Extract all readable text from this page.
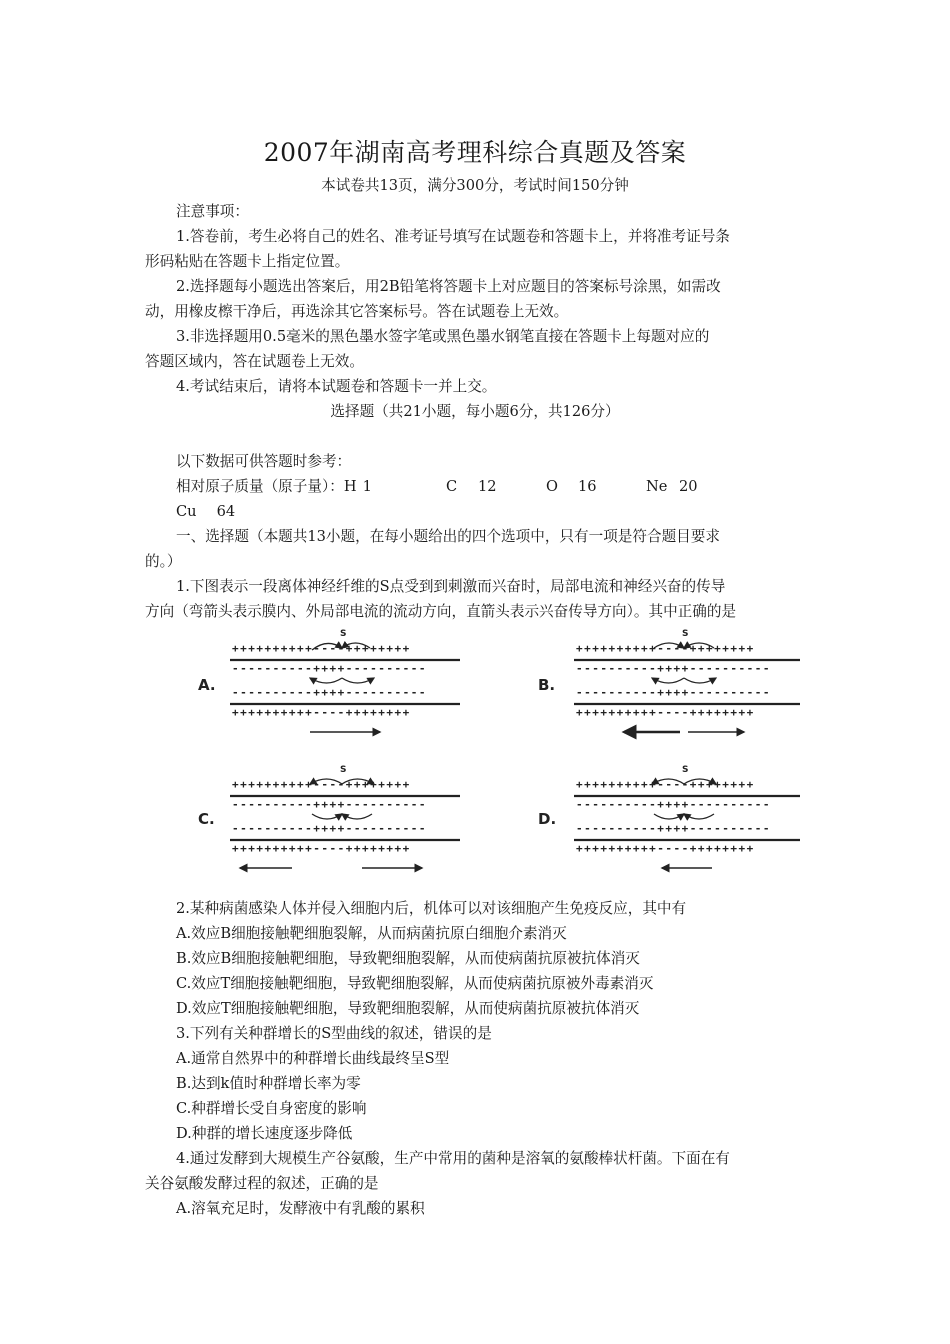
2007年湖南高考理科综合真题及答案
本试卷共13页，满分300分，考试时间150分钟
注意事项：
1.答卷前，考生必将自己的姓名、准考证号填写在试题卷和答题卡上，并将准考证号条
形码粘贴在答题卡上指定位置。
2.选择题每小题选出答案后，用2B铅笔将答题卡上对应题目的答案标号涂黑，如需改
动，用橡皮檫干净后，再选涂其它答案标号。答在试题卷上无效。
3.非选择题用0.5毫米的黑色墨水签字笔或黑色墨水钢笔直接在答题卡上每题对应的
答题区域内，答在试题卷上无效。
4.考试结束后，请将本试题卷和答题卡一并上交。
选择题（共21小题，每小题6分，共126分）
以下数据可供答题时参考：
相对原子质量（原子量）：H 1	C 12	O 16	Ne 20
Cu 64
一、选择题（本题共13小题，在每小题给出的四个选项中，只有一项是符合题目要求
的。）
1.下图表示一段离体神经纤维的S点受到到刺激而兴奋时，局部电流和神经兴奋的传导
方向（弯箭头表示膜内、外局部电流的流动方向，直箭头表示兴奋传导方向）。其中正确的是
A.
S
++++++++++----++++++++
----------++++----------
----------++++----------
++++++++++----++++++++
B.
S
++++++++++----++++++++
----------++++----------
----------++++----------
++++++++++----++++++++
C.
S
++++++++++----++++++++
----------++++----------
----------++++----------
++++++++++----++++++++
D.
S
++++++++++----++++++++
----------++++----------
----------++++----------
++++++++++----++++++++
2.某种病菌感染人体并侵入细胞内后，机体可以对该细胞产生免疫反应，其中有
A.效应B细胞接触靶细胞裂解，从而病菌抗原白细胞介素消灭
B.效应B细胞接触靶细胞，导致靶细胞裂解，从而使病菌抗原被抗体消灭
C.效应T细胞接触靶细胞，导致靶细胞裂解，从而使病菌抗原被外毒素消灭
D.效应T细胞接触靶细胞，导致靶细胞裂解，从而使病菌抗原被抗体消灭
3.下列有关种群增长的S型曲线的叙述，错误的是
A.通常自然界中的种群增长曲线最终呈S型
B.达到k值时种群增长率为零
C.种群增长受自身密度的影响
D.种群的增长速度逐步降低
4.通过发酵到大规模生产谷氨酸，生产中常用的菌种是溶氧的氨酸棒状杆菌。下面在有
关谷氨酸发酵过程的叙述，正确的是
A.溶氧充足时，发酵液中有乳酸的累积
